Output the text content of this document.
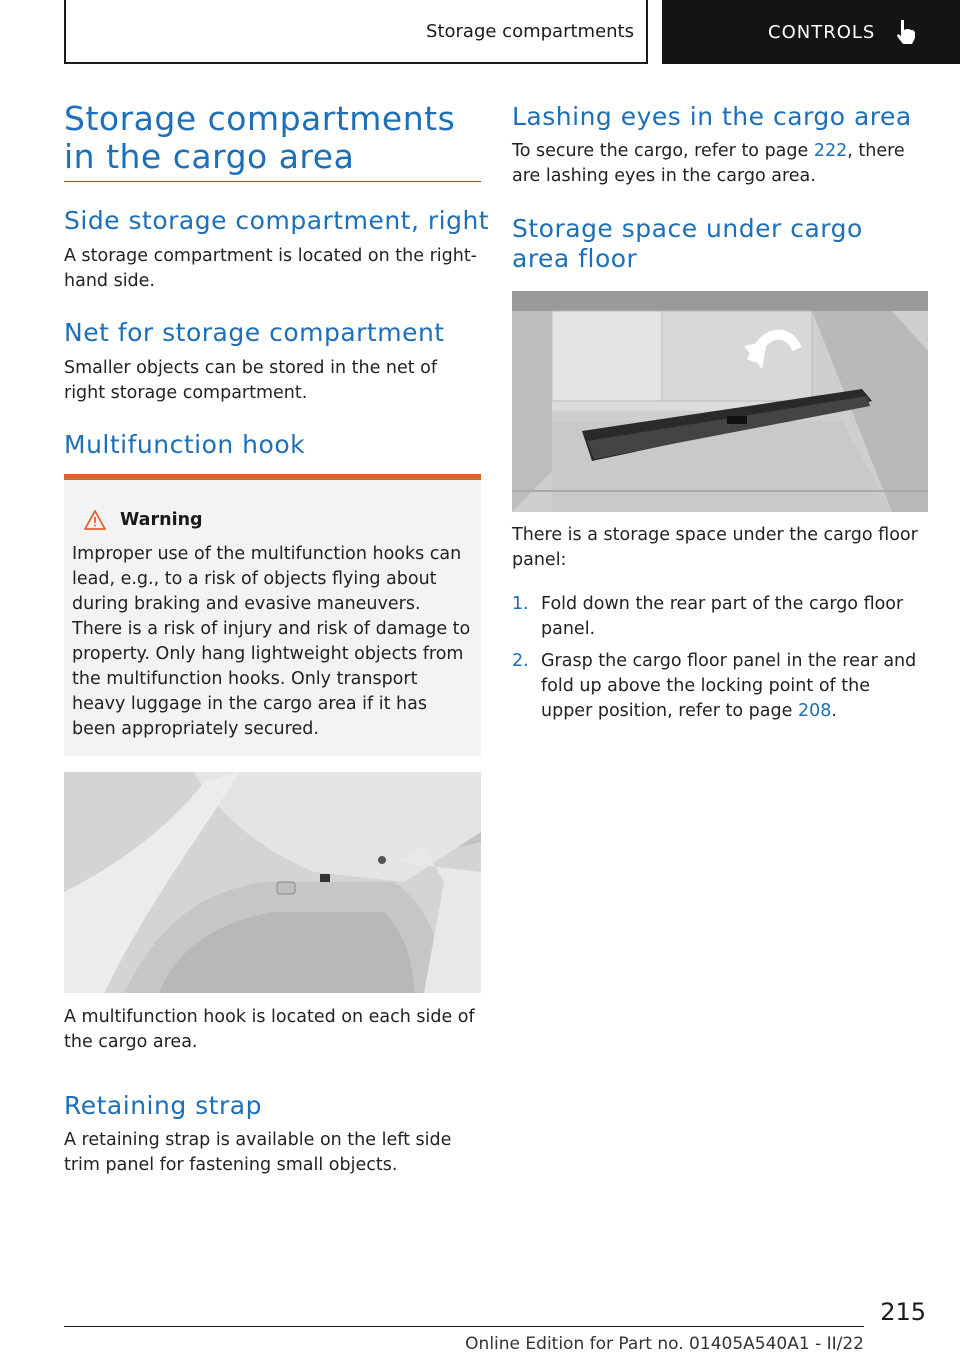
Storage compartments	CONTROLS
Storage compartments in the cargo area
Side storage compartment, right

A storage compartment is located on the right-hand side.

Net for storage compartment

Smaller objects can be stored in the net of right storage compartment.

Multifunction hook
Warning

Improper use of the multifunction hooks can lead, e.g., to a risk of objects flying about during braking and evasive maneuvers. There is a risk of injury and risk of damage to property. Only hang lightweight objects from the multifunction hooks. Only transport heavy luggage in the cargo area if it has been appropriately secured.

A multifunction hook is located on each side of the cargo area.

Retaining strap

A retaining strap is available on the left side trim panel for fastening small objects.

Lashing eyes in the cargo area

To secure the cargo, refer to page 222, there are lashing eyes in the cargo area.

Storage space under cargo area floor

There is a storage space under the cargo floor panel:

1. Fold down the rear part of the cargo floor panel.
2. Grasp the cargo floor panel in the rear and fold up above the locking point of the upper position, refer to page 208.
215
Online Edition for Part no. 01405A540A1 - II/22
